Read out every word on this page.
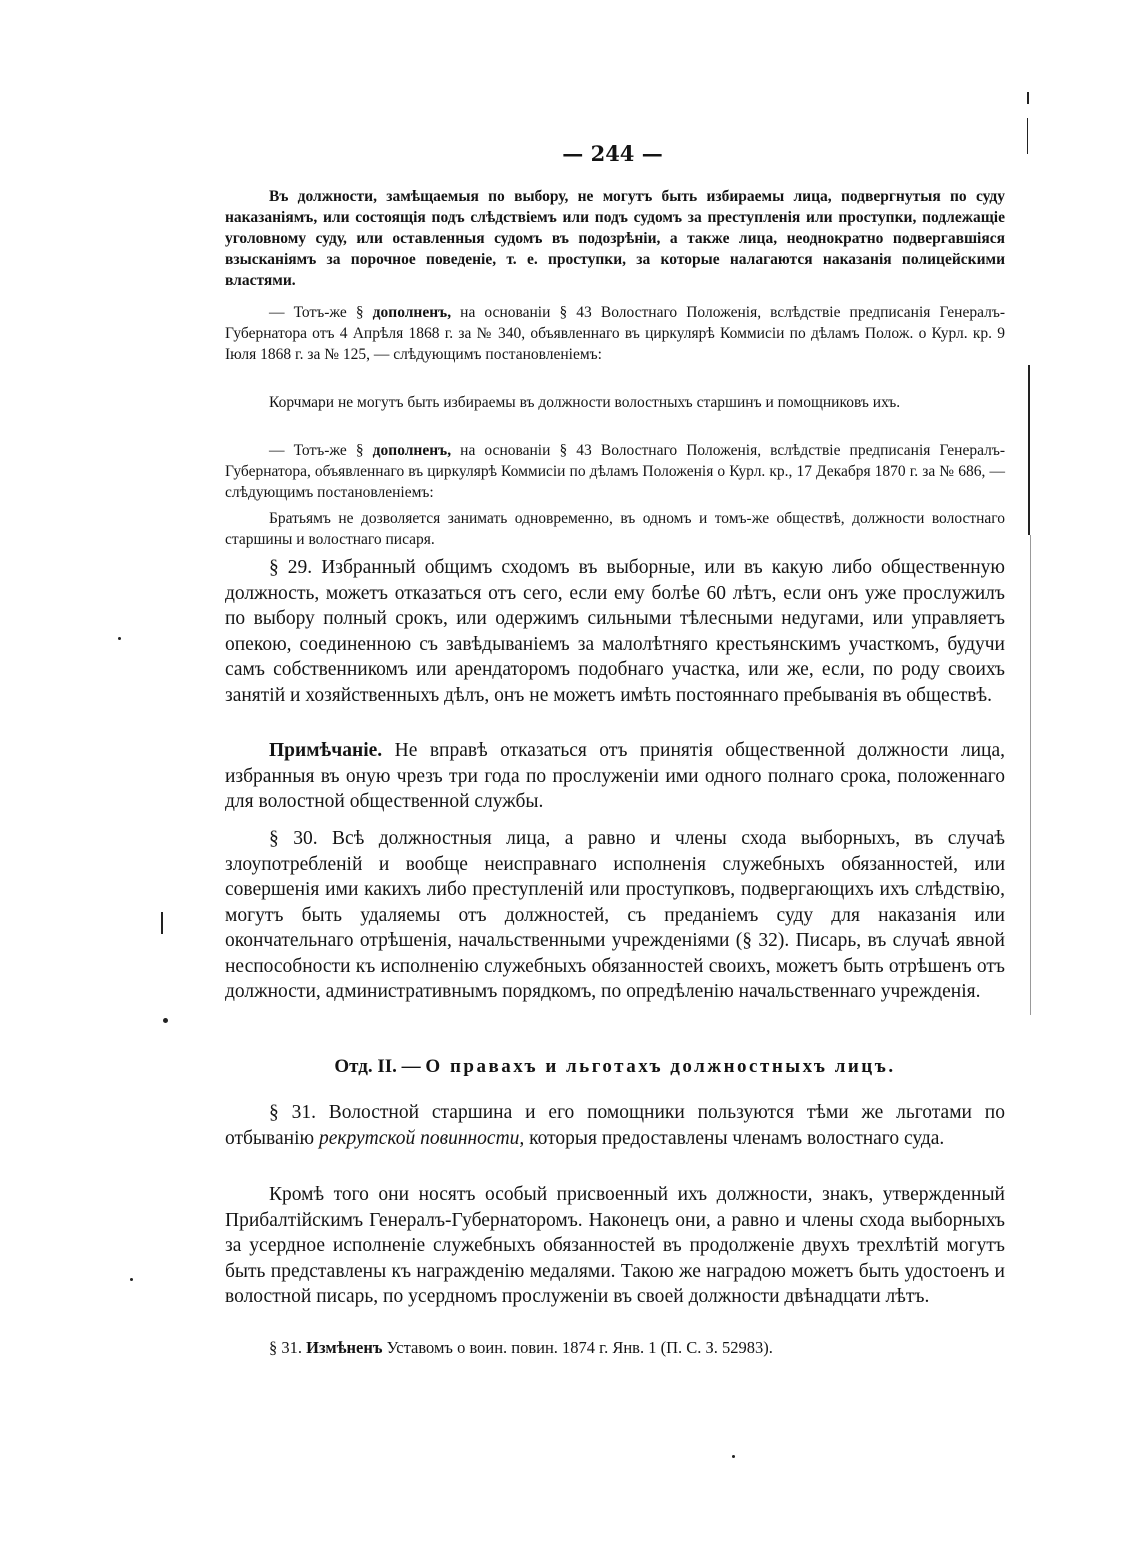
— 244 —

Въ должности, замѣщаемыя по выбору, не могутъ быть избираемы лица, подвергнутыя по суду наказаніямъ, или состоящія подъ слѣдствіемъ или подъ судомъ за преступленія или проступки, подлежащіе уголовному суду, или оставленныя судомъ въ подозрѣніи, а также лица, неоднократно подвергавшіяся взысканіямъ за порочное поведеніе, т. е. проступки, за которые налагаются наказанія полицейскими властями.

— Тотъ-же § дополненъ, на основаніи § 43 Волостнаго Положенія, вслѣдствіе предписанія Генералъ-Губернатора отъ 4 Апрѣля 1868 г. за № 340, объявленнаго въ циркулярѣ Коммисіи по дѣламъ Полож. о Курл. кр. 9 Іюля 1868 г. за № 125, — слѣдующимъ постановленіемъ:

Корчмари не могутъ быть избираемы въ должности волостныхъ старшинъ и помощниковъ ихъ.

— Тотъ-же § дополненъ, на основаніи § 43 Волостнаго Положенія, вслѣдствіе предписанія Генералъ-Губернатора, объявленнаго въ циркулярѣ Коммисіи по дѣламъ Положенія о Курл. кр., 17 Декабря 1870 г. за № 686, — слѣдующимъ постановленіемъ:

Братьямъ не дозволяется занимать одновременно, въ одномъ и томъ-же обществѣ, должности волостнаго старшины и волостнаго писаря.

§ 29. Избранный общимъ сходомъ въ выборные, или въ какую либо общественную должность, можетъ отказаться отъ сего, если ему болѣе 60 лѣтъ, если онъ уже прослужилъ по выбору полный срокъ, или одержимъ сильными тѣлесными недугами, или управляетъ опекою, соединенною съ завѣдываніемъ за малолѣтняго крестьянскимъ участкомъ, будучи самъ собственникомъ или арендаторомъ подобнаго участка, или же, если, по роду своихъ занятій и хозяйственныхъ дѣлъ, онъ не можетъ имѣть постояннаго пребыванія въ обществѣ.

Примѣчаніе. Не вправѣ отказаться отъ принятія общественной должности лица, избранныя въ оную чрезъ три года по прослуженіи ими одного полнаго срока, положеннаго для волостной общественной службы.

§ 30. Всѣ должностныя лица, а равно и члены схода выборныхъ, въ случаѣ злоупотребленій и вообще неисправнаго исполненія служебныхъ обязанностей, или совершенія ими какихъ либо преступленій или проступковъ, подвергающихъ ихъ слѣдствію, могутъ быть удаляемы отъ должностей, съ преданіемъ суду для наказанія или окончательнаго отрѣшенія, начальственными учрежденіями (§ 32). Писарь, въ случаѣ явной неспособности къ исполненію служебныхъ обязанностей своихъ, можетъ быть отрѣшенъ отъ должности, административнымъ порядкомъ, по опредѣленію начальственнаго учрежденія.

Отд. II. — О правахъ и льготахъ должностныхъ лицъ.

§ 31. Волостной старшина и его помощники пользуются тѣми же льготами по отбыванію рекрутской повинности, которыя предоставлены членамъ волостнаго суда.

Кромѣ того они носятъ особый присвоенный ихъ должности, знакъ, утвержденный Прибалтійскимъ Генералъ-Губернаторомъ. Наконецъ они, а равно и члены схода выборныхъ за усердное исполненіе служебныхъ обязанностей въ продолженіе двухъ трехлѣтій могутъ быть представлены къ награжденію медалями. Такою же наградою можетъ быть удостоенъ и волостной писарь, по усердномъ прослуженіи въ своей должности двѣнадцати лѣтъ.

§ 31. Измѣненъ Уставомъ о воин. повин. 1874 г. Янв. 1 (П. С. З. 52983).
